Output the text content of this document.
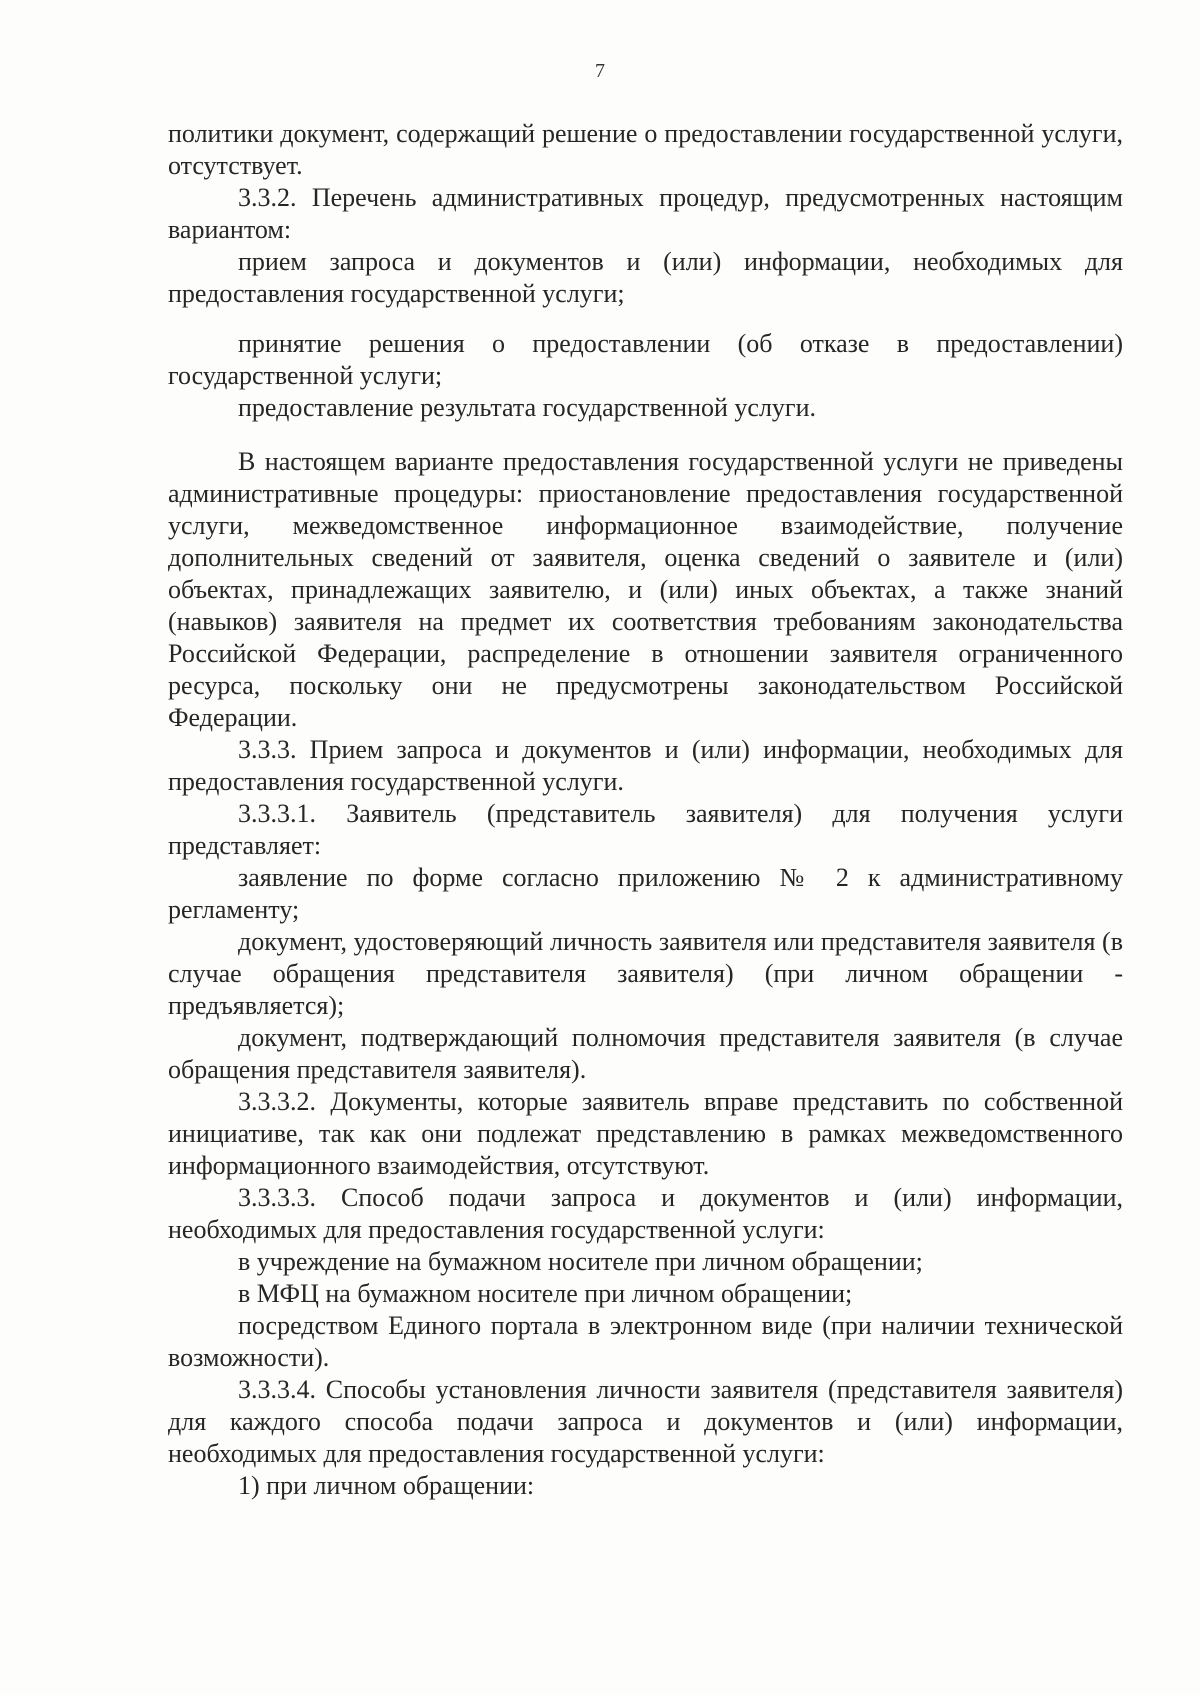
7

политики документ, содержащий решение о предоставлении государственной услуги, отсутствует.

3.3.2. Перечень административных процедур, предусмотренных настоящим вариантом:

прием запроса и документов и (или) информации, необходимых для предоставления государственной услуги;

принятие решения о предоставлении (об отказе в предоставлении) государственной услуги;

предоставление результата государственной услуги.

В настоящем варианте предоставления государственной услуги не приведены административные процедуры: приостановление предоставления государственной услуги, межведомственное информационное взаимодействие, получение дополнительных сведений от заявителя, оценка сведений о заявителе и (или) объектах, принадлежащих заявителю, и (или) иных объектах, а также знаний (навыков) заявителя на предмет их соответствия требованиям законодательства Российской Федерации, распределение в отношении заявителя ограниченного ресурса, поскольку они не предусмотрены законодательством Российской Федерации.

3.3.3. Прием запроса и документов и (или) информации, необходимых для предоставления государственной услуги.

3.3.3.1. Заявитель (представитель заявителя) для получения услуги представляет:

заявление по форме согласно приложению № 2 к административному регламенту;

документ, удостоверяющий личность заявителя или представителя заявителя (в случае обращения представителя заявителя) (при личном обращении - предъявляется);

документ, подтверждающий полномочия представителя заявителя (в случае обращения представителя заявителя).

3.3.3.2. Документы, которые заявитель вправе представить по собственной инициативе, так как они подлежат представлению в рамках межведомственного информационного взаимодействия, отсутствуют.

3.3.3.3. Способ подачи запроса и документов и (или) информации, необходимых для предоставления государственной услуги:

в учреждение на бумажном носителе при личном обращении;

в МФЦ на бумажном носителе при личном обращении;

посредством Единого портала в электронном виде (при наличии технической возможности).

3.3.3.4. Способы установления личности заявителя (представителя заявителя) для каждого способа подачи запроса и документов и (или) информации, необходимых для предоставления государственной услуги:

1) при личном обращении:
